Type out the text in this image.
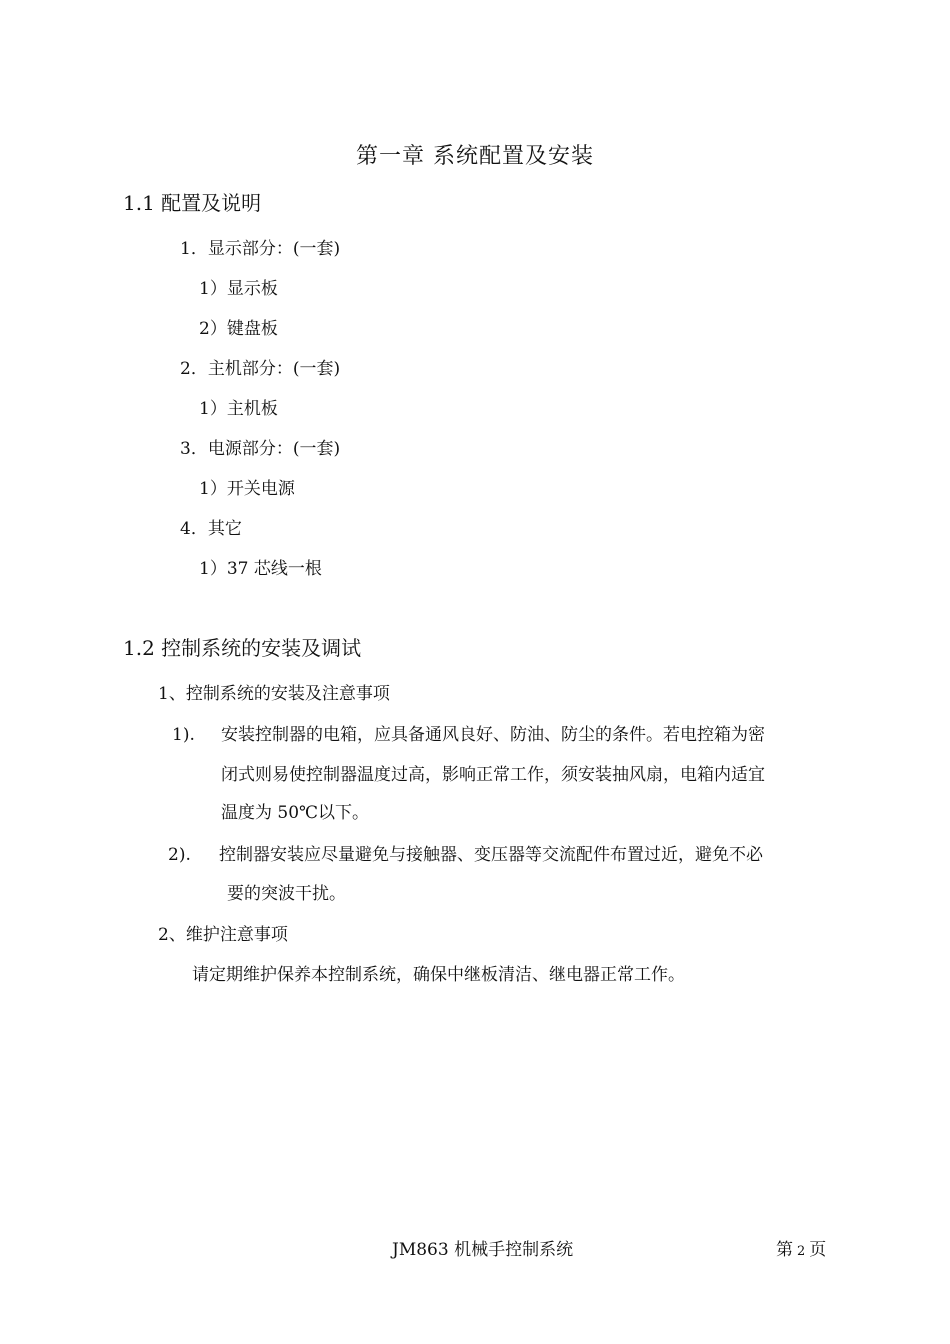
第一章 系统配置及安装
1.1 配置及说明
1．显示部分：(一套)
1）显示板
2）键盘板
2．主机部分：(一套)
1）主机板
3．电源部分：(一套)
1）开关电源
4．其它
1）37 芯线一根
1.2 控制系统的安装及调试
1、控制系统的安装及注意事项
1). 安装控制器的电箱，应具备通风良好、防油、防尘的条件。若电控箱为密
闭式则易使控制器温度过高，影响正常工作，须安装抽风扇，电箱内适宜
温度为 50℃以下。
2). 控制器安装应尽量避免与接触器、变压器等交流配件布置过近，避免不必
要的突波干扰。
2、维护注意事项
请定期维护保养本控制系统，确保中继板清洁、继电器正常工作。
JM863 机械手控制系统	第 2 页
